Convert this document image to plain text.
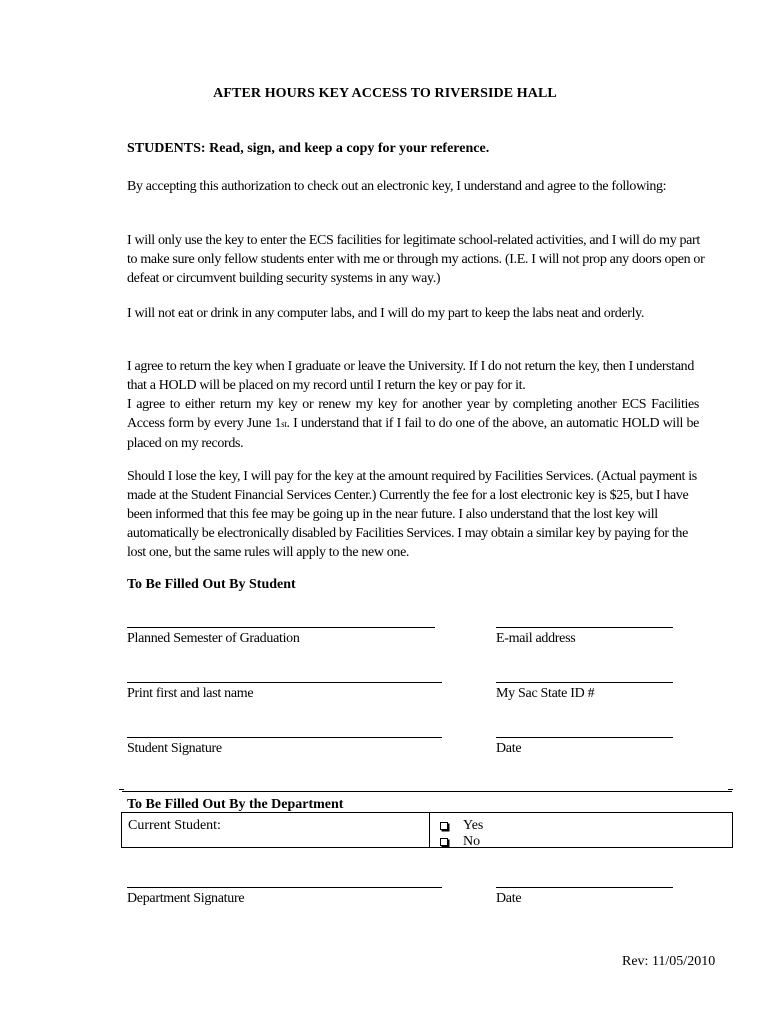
AFTER HOURS KEY ACCESS TO RIVERSIDE HALL
STUDENTS: Read, sign, and keep a copy for your reference.

By accepting this authorization to check out an electronic key, I understand and agree to the following:

I will only use the key to enter the ECS facilities for legitimate school-related activities, and I will do my part to make sure only fellow students enter with me or through my actions. (I.E. I will not prop any doors open or defeat or circumvent building security systems in any way.)

I will not eat or drink in any computer labs, and I will do my part to keep the labs neat and orderly.

I agree to return the key when I graduate or leave the University. If I do not return the key, then I understand that a HOLD will be placed on my record until I return the key or pay for it.

I agree to either return my key or renew my key for another year by completing another ECS Facilities Access form by every June 1st. I understand that if I fail to do one of the above, an automatic HOLD will be placed on my records.

Should I lose the key, I will pay for the key at the amount required by Facilities Services. (Actual payment is made at the Student Financial Services Center.) Currently the fee for a lost electronic key is $25, but I have been informed that this fee may be going up in the near future. I also understand that the lost key will automatically be electronically disabled by Facilities Services. I may obtain a similar key by paying for the lost one, but the same rules will apply to the new one.

To Be Filled Out By Student
Planned Semester of Graduation	E-mail address
Print first and last name	My Sac State ID #
Student Signature	Date
To Be Filled Out By the Department
Current Student:	Yes
No
Department Signature	Date
Rev: 11/05/2010
